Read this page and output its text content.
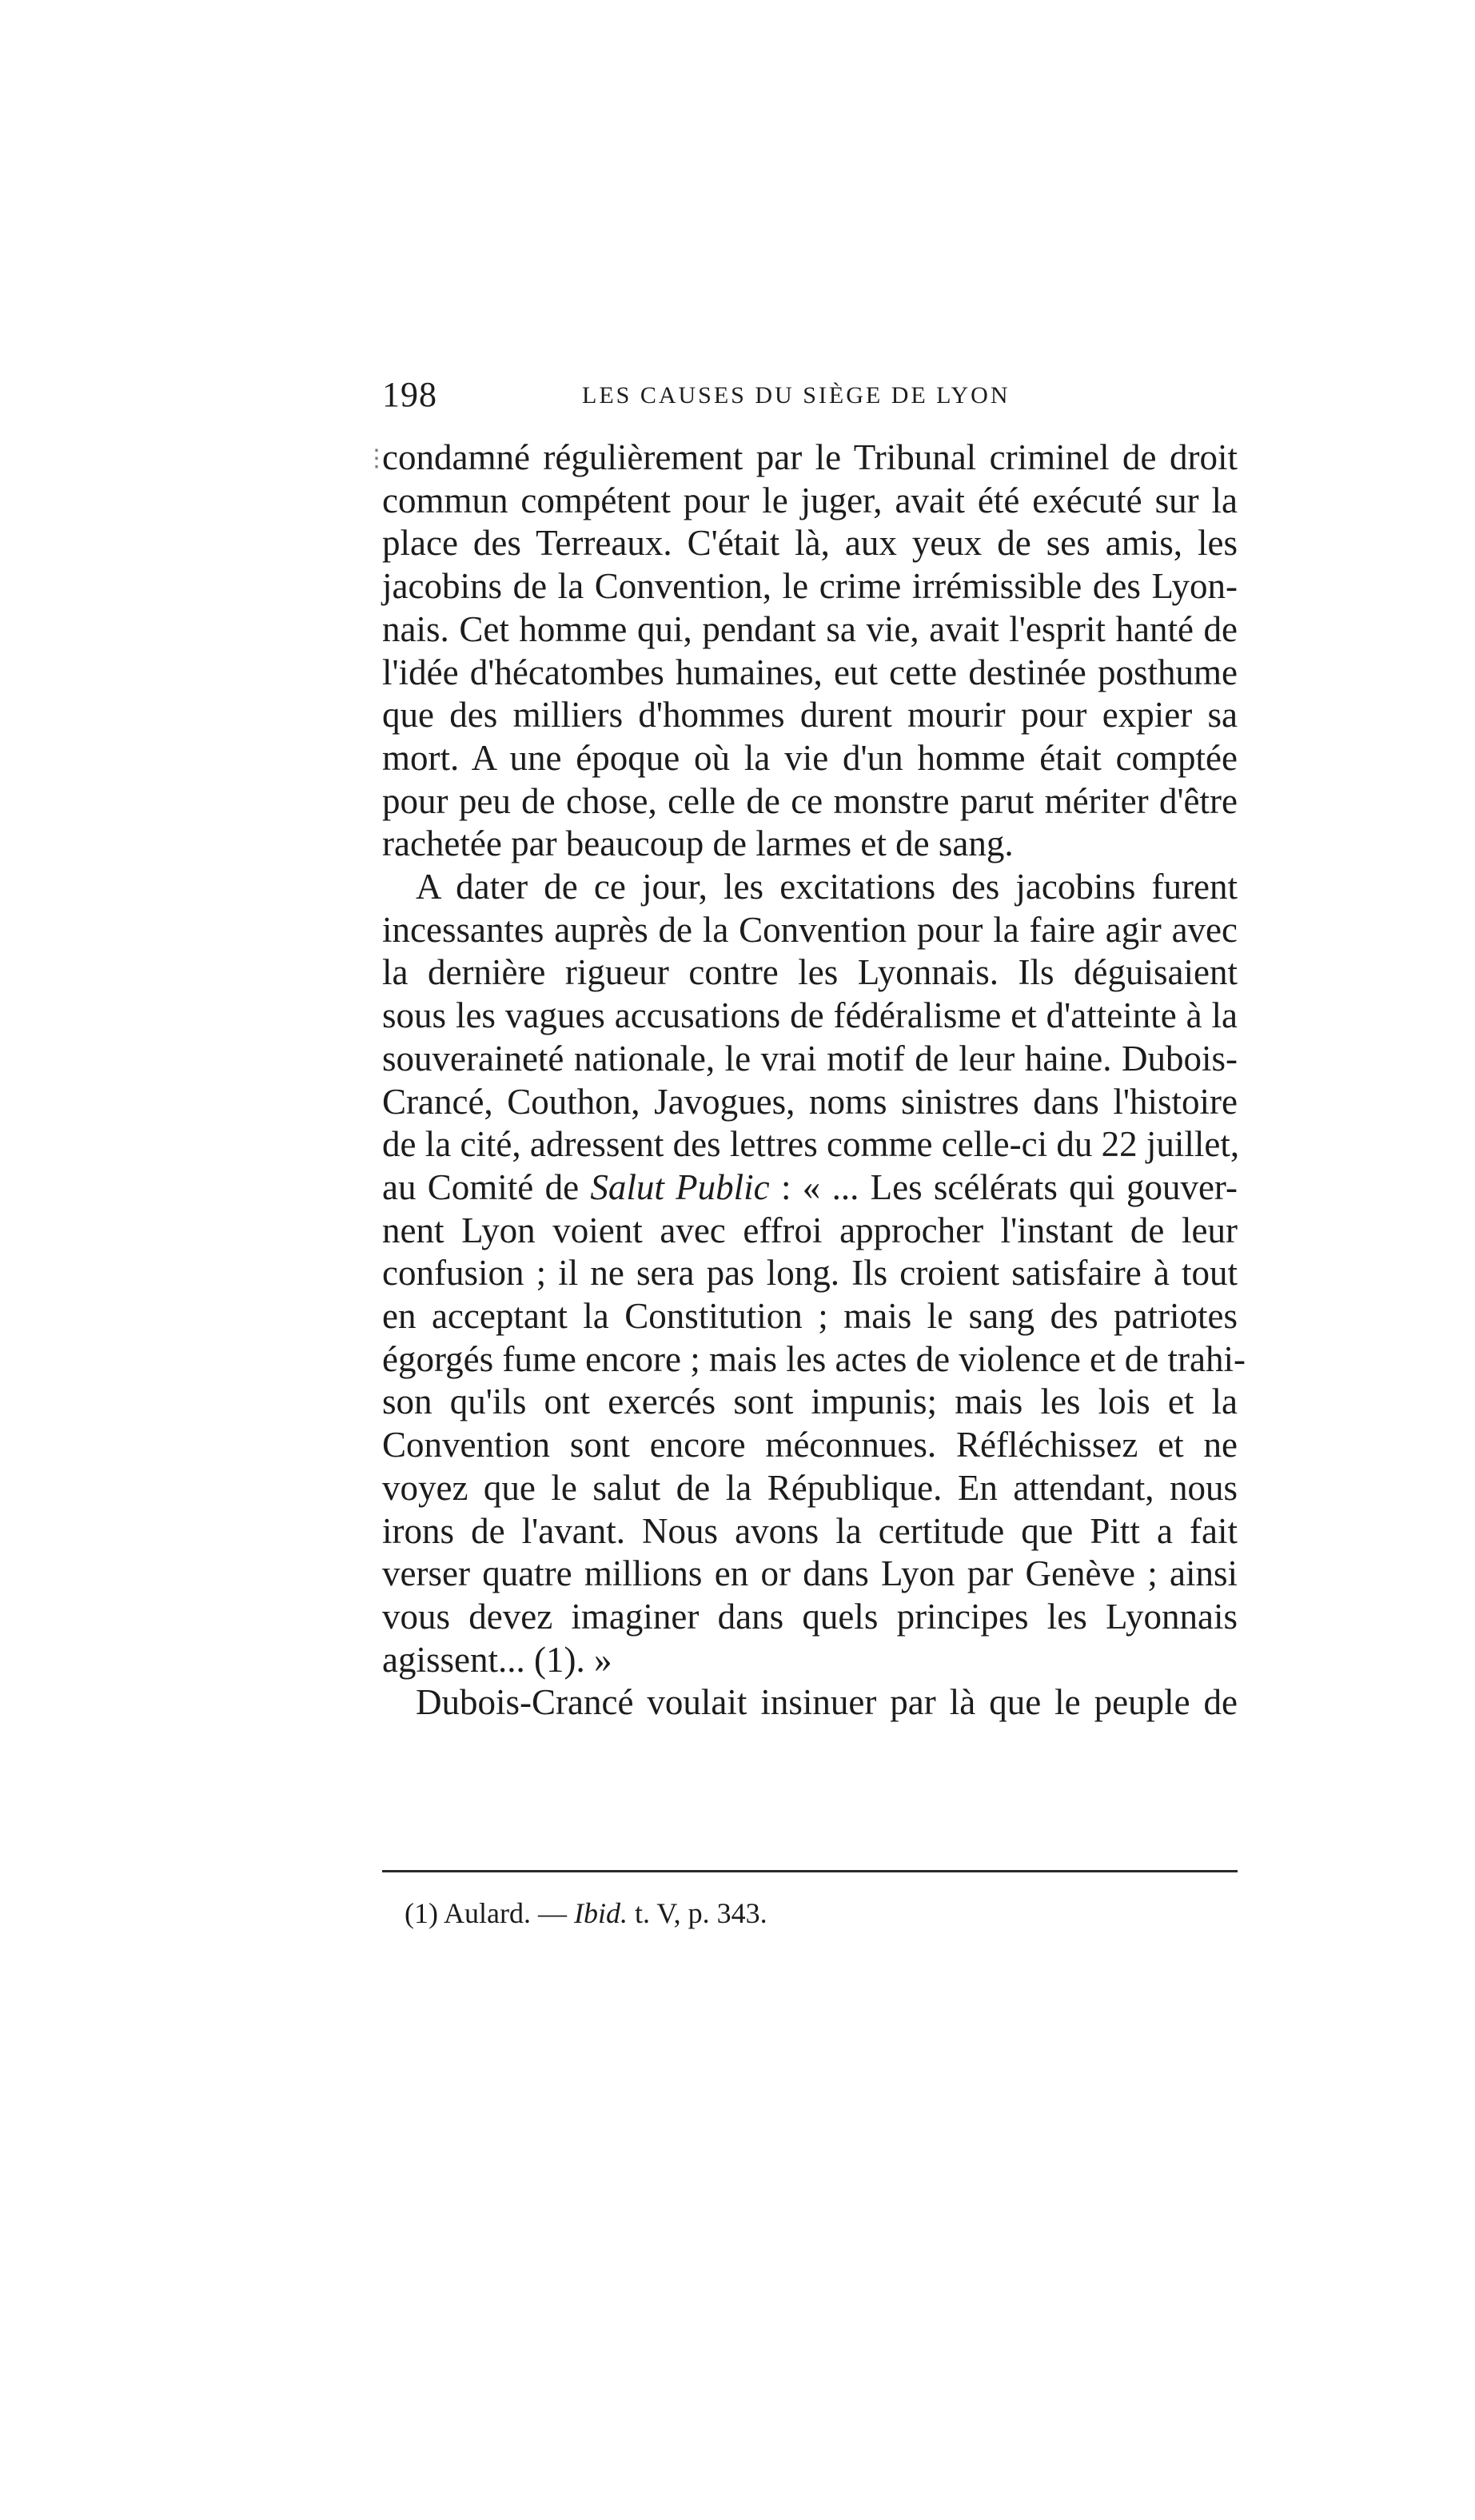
198	LES CAUSES DU SIÈGE DE LYON
⋮
condamné régulièrement par le Tribunal criminel de droit
commun compétent pour le juger, avait été exécuté sur la
place des Terreaux. C'était là, aux yeux de ses amis, les
jacobins de la Convention, le crime irrémissible des Lyon-
nais. Cet homme qui, pendant sa vie, avait l'esprit hanté de
l'idée d'hécatombes humaines, eut cette destinée posthume
que des milliers d'hommes durent mourir pour expier sa
mort. A une époque où la vie d'un homme était comptée
pour peu de chose, celle de ce monstre parut mériter d'être
rachetée par beaucoup de larmes et de sang.
A dater de ce jour, les excitations des jacobins furent
incessantes auprès de la Convention pour la faire agir avec
la dernière rigueur contre les Lyonnais. Ils déguisaient
sous les vagues accusations de fédéralisme et d'atteinte à la
souveraineté nationale, le vrai motif de leur haine. Dubois-
Crancé, Couthon, Javogues, noms sinistres dans l'histoire
de la cité, adressent des lettres comme celle-ci du 22 juillet,
au Comité de Salut Public : « ... Les scélérats qui gouver-
nent Lyon voient avec effroi approcher l'instant de leur
confusion ; il ne sera pas long. Ils croient satisfaire à tout
en acceptant la Constitution ; mais le sang des patriotes
égorgés fume encore ; mais les actes de violence et de trahi-
son qu'ils ont exercés sont impunis; mais les lois et la
Convention sont encore méconnues. Réfléchissez et ne
voyez que le salut de la République. En attendant, nous
irons de l'avant. Nous avons la certitude que Pitt a fait
verser quatre millions en or dans Lyon par Genève ; ainsi
vous devez imaginer dans quels principes les Lyonnais
agissent... (1). »
Dubois-Crancé voulait insinuer par là que le peuple de
(1) Aulard. — Ibid. t. V, p. 343.
